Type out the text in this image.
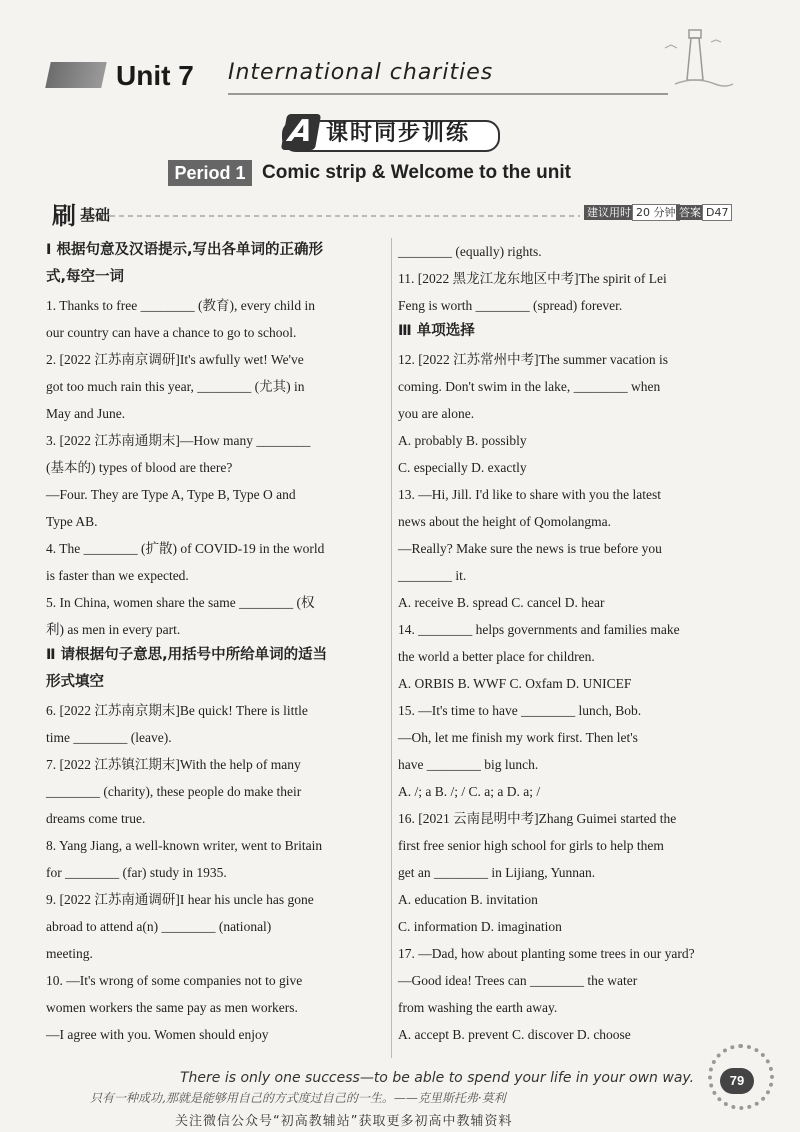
Unit 7 International charities
A 课时同步训练
Period 1 Comic strip & Welcome to the unit
刷 基础	建议用时 20 分钟 答案 D47
Ⅰ 根据句意及汉语提示,写出各单词的正确形
式,每空一词
1. Thanks to free ________ (教育), every child in
our country can have a chance to go to school.
2. [2022 江苏南京调研]It's awfully wet! We've
got too much rain this year, ________ (尤其) in
May and June.
3. [2022 江苏南通期末]—How many ________
(基本的) types of blood are there?
—Four. They are Type A, Type B, Type O and
Type AB.
4. The ________ (扩散) of COVID-19 in the world
is faster than we expected.
5. In China, women share the same ________ (权
利) as men in every part.
Ⅱ 请根据句子意思,用括号中所给单词的适当
形式填空
6. [2022 江苏南京期末]Be quick! There is little
time ________ (leave).
7. [2022 江苏镇江期末]With the help of many
________ (charity), these people do make their
dreams come true.
8. Yang Jiang, a well-known writer, went to Britain
for ________ (far) study in 1935.
9. [2022 江苏南通调研]I hear his uncle has gone
abroad to attend a(n) ________ (national)
meeting.
10. —It's wrong of some companies not to give
women workers the same pay as men workers.
—I agree with you. Women should enjoy
________ (equally) rights.
11. [2022 黑龙江龙东地区中考]The spirit of Lei
Feng is worth ________ (spread) forever.
Ⅲ 单项选择
12. [2022 江苏常州中考]The summer vacation is
coming. Don't swim in the lake, ________ when
you are alone.
A. probably B. possibly
C. especially D. exactly
13. —Hi, Jill. I'd like to share with you the latest
news about the height of Qomolangma.
—Really? Make sure the news is true before you
________ it.
A. receive B. spread C. cancel D. hear
14. ________ helps governments and families make
the world a better place for children.
A. ORBIS B. WWF C. Oxfam D. UNICEF
15. —It's time to have ________ lunch, Bob.
—Oh, let me finish my work first. Then let's
have ________ big lunch.
A. /; a B. /; / C. a; a D. a; /
16. [2021 云南昆明中考]Zhang Guimei started the
first free senior high school for girls to help them
get an ________ in Lijiang, Yunnan.
A. education B. invitation
C. information D. imagination
17. —Dad, how about planting some trees in our yard?
—Good idea! Trees can ________ the water
from washing the earth away.
A. accept B. prevent C. discover D. choose
79
There is only one success—to be able to spend your life in your own way.
只有一种成功,那就是能够用自己的方式度过自己的一生。——克里斯托弗·莫利
关注微信公众号“初高教辅站”获取更多初高中教辅资料
